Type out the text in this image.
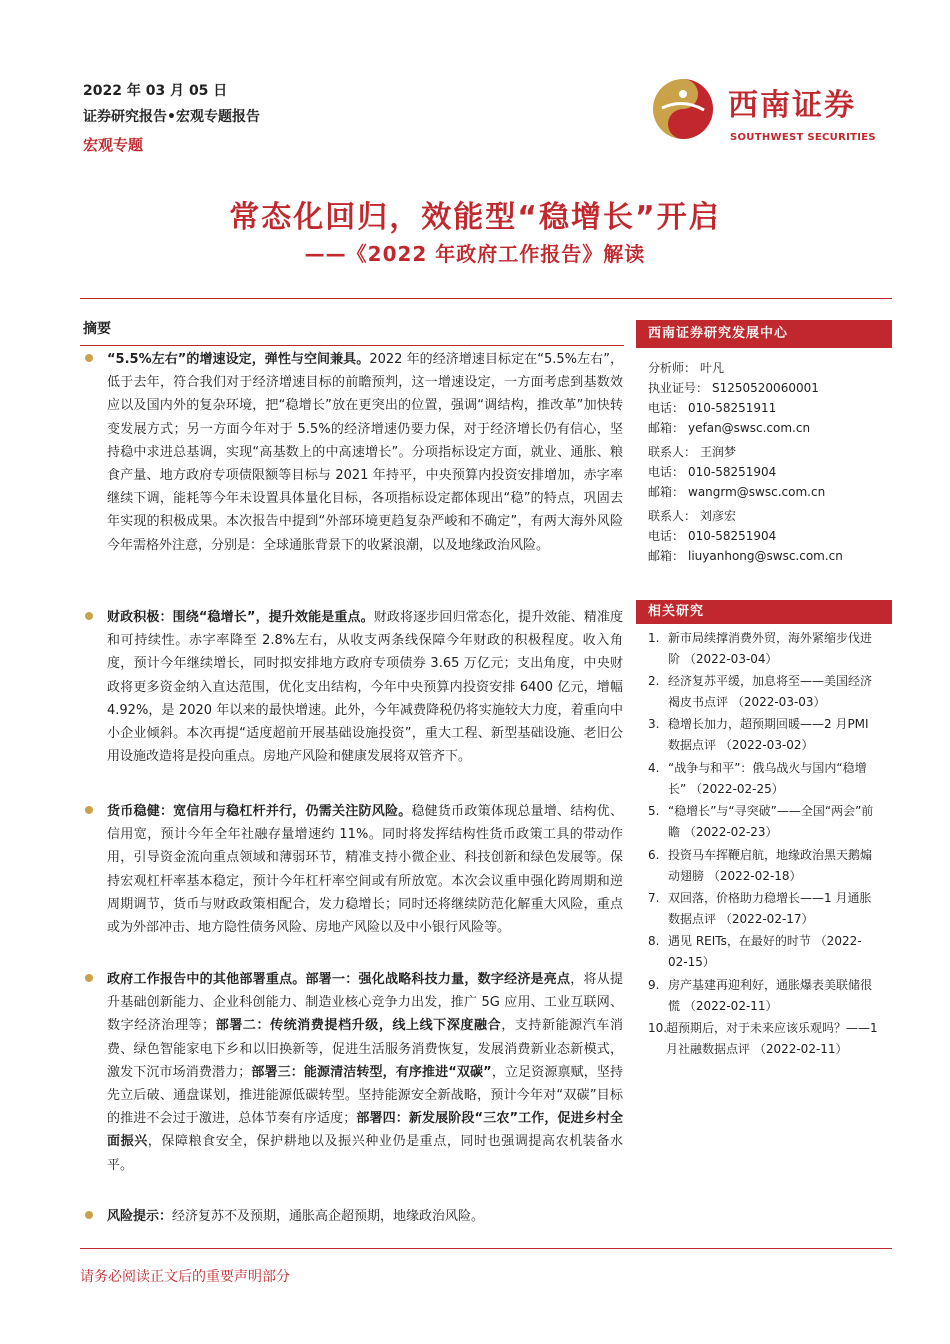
2022 年 03 月 05 日
证券研究报告•宏观专题报告
宏观专题
西南证券
SOUTHWEST SECURITIES
常态化回归，效能型“稳增长”开启
——《2022 年政府工作报告》解读
摘要
“5.5%左右”的增速设定，弹性与空间兼具。2022 年的经济增速目标定在“5.5%左右”，低于去年，符合我们对于经济增速目标的前瞻预判，这一增速设定，一方面考虑到基数效应以及国内外的复杂环境，把“稳增长”放在更突出的位置，强调“调结构，推改革”加快转变发展方式；另一方面今年对于 5.5%的经济增速仍要力保，对于经济增长仍有信心，坚持稳中求进总基调，实现“高基数上的中高速增长”。分项指标设定方面，就业、通胀、粮食产量、地方政府专项债限额等目标与 2021 年持平，中央预算内投资安排增加，赤字率继续下调，能耗等今年未设置具体量化目标，各项指标设定都体现出“稳”的特点，巩固去年实现的积极成果。本次报告中提到“外部环境更趋复杂严峻和不确定”，有两大海外风险今年需格外注意，分别是：全球通胀背景下的收紧浪潮，以及地缘政治风险。
财政积极：围绕“稳增长”，提升效能是重点。财政将逐步回归常态化，提升效能、精准度和可持续性。赤字率降至 2.8%左右，从收支两条线保障今年财政的积极程度。收入角度，预计今年继续增长，同时拟安排地方政府专项债券 3.65 万亿元；支出角度，中央财政将更多资金纳入直达范围，优化支出结构，今年中央预算内投资安排 6400 亿元，增幅 4.92%，是 2020 年以来的最快增速。此外，今年减费降税仍将实施较大力度，着重向中小企业倾斜。本次再提“适度超前开展基础设施投资”，重大工程、新型基础设施、老旧公用设施改造将是投向重点。房地产风险和健康发展将双管齐下。
货币稳健：宽信用与稳杠杆并行，仍需关注防风险。稳健货币政策体现总量增、结构优、信用宽，预计今年全年社融存量增速约 11%。同时将发挥结构性货币政策工具的带动作用，引导资金流向重点领域和薄弱环节，精准支持小微企业、科技创新和绿色发展等。保持宏观杠杆率基本稳定，预计今年杠杆率空间或有所放宽。本次会议重申强化跨周期和逆周期调节，货币与财政政策相配合，发力稳增长；同时还将继续防范化解重大风险，重点或为外部冲击、地方隐性债务风险、房地产风险以及中小银行风险等。
政府工作报告中的其他部署重点。部署一：强化战略科技力量，数字经济是亮点，将从提升基础创新能力、企业科创能力、制造业核心竞争力出发，推广 5G 应用、工业互联网、数字经济治理等；部署二：传统消费提档升级，线上线下深度融合，支持新能源汽车消费、绿色智能家电下乡和以旧换新等，促进生活服务消费恢复，发展消费新业态新模式，激发下沉市场消费潜力；部署三：能源清洁转型，有序推进“双碳”，立足资源禀赋，坚持先立后破、通盘谋划，推进能源低碳转型。坚持能源安全新战略，预计今年对“双碳”目标的推进不会过于激进，总体节奏有序适度；部署四：新发展阶段“三农”工作，促进乡村全面振兴，保障粮食安全，保护耕地以及振兴种业仍是重点，同时也强调提高农机装备水平。
风险提示：经济复苏不及预期，通胀高企超预期，地缘政治风险。
西南证券研究发展中心
分析师： 叶凡
执业证号： S1250520060001
电话： 010-58251911
邮箱： yefan@swsc.com.cn
联系人： 王润梦
电话： 010-58251904
邮箱： wangrm@swsc.com.cn
联系人： 刘彦宏
电话： 010-58251904
邮箱： liuyanhong@swsc.com.cn
相关研究
1. 新市局续撑消费外贸，海外紧缩步伐进阶 （2022-03-04）
2. 经济复苏平缓，加息将至——美国经济褐皮书点评 （2022-03-03）
3. 稳增长加力，超预期回暖——2 月PMI 数据点评 （2022-03-02）
4. “战争与和平”：俄乌战火与国内“稳增长” （2022-02-25）
5. “稳增长”与“寻突破”——全国“两会”前瞻 （2022-02-23）
6. 投资马车挥鞭启航，地缘政治黑天鹅煽动翅膀 （2022-02-18）
7. 双回落，价格助力稳增长——1 月通胀数据点评 （2022-02-17）
8. 遇见 REITs，在最好的时节 （2022-02-15）
9. 房产基建再迎利好，通胀爆表美联储很慌 （2022-02-11）
10.
超预期后，对于未来应该乐观吗？——1 月社融数据点评 （2022-02-11）
请务必阅读正文后的重要声明部分
